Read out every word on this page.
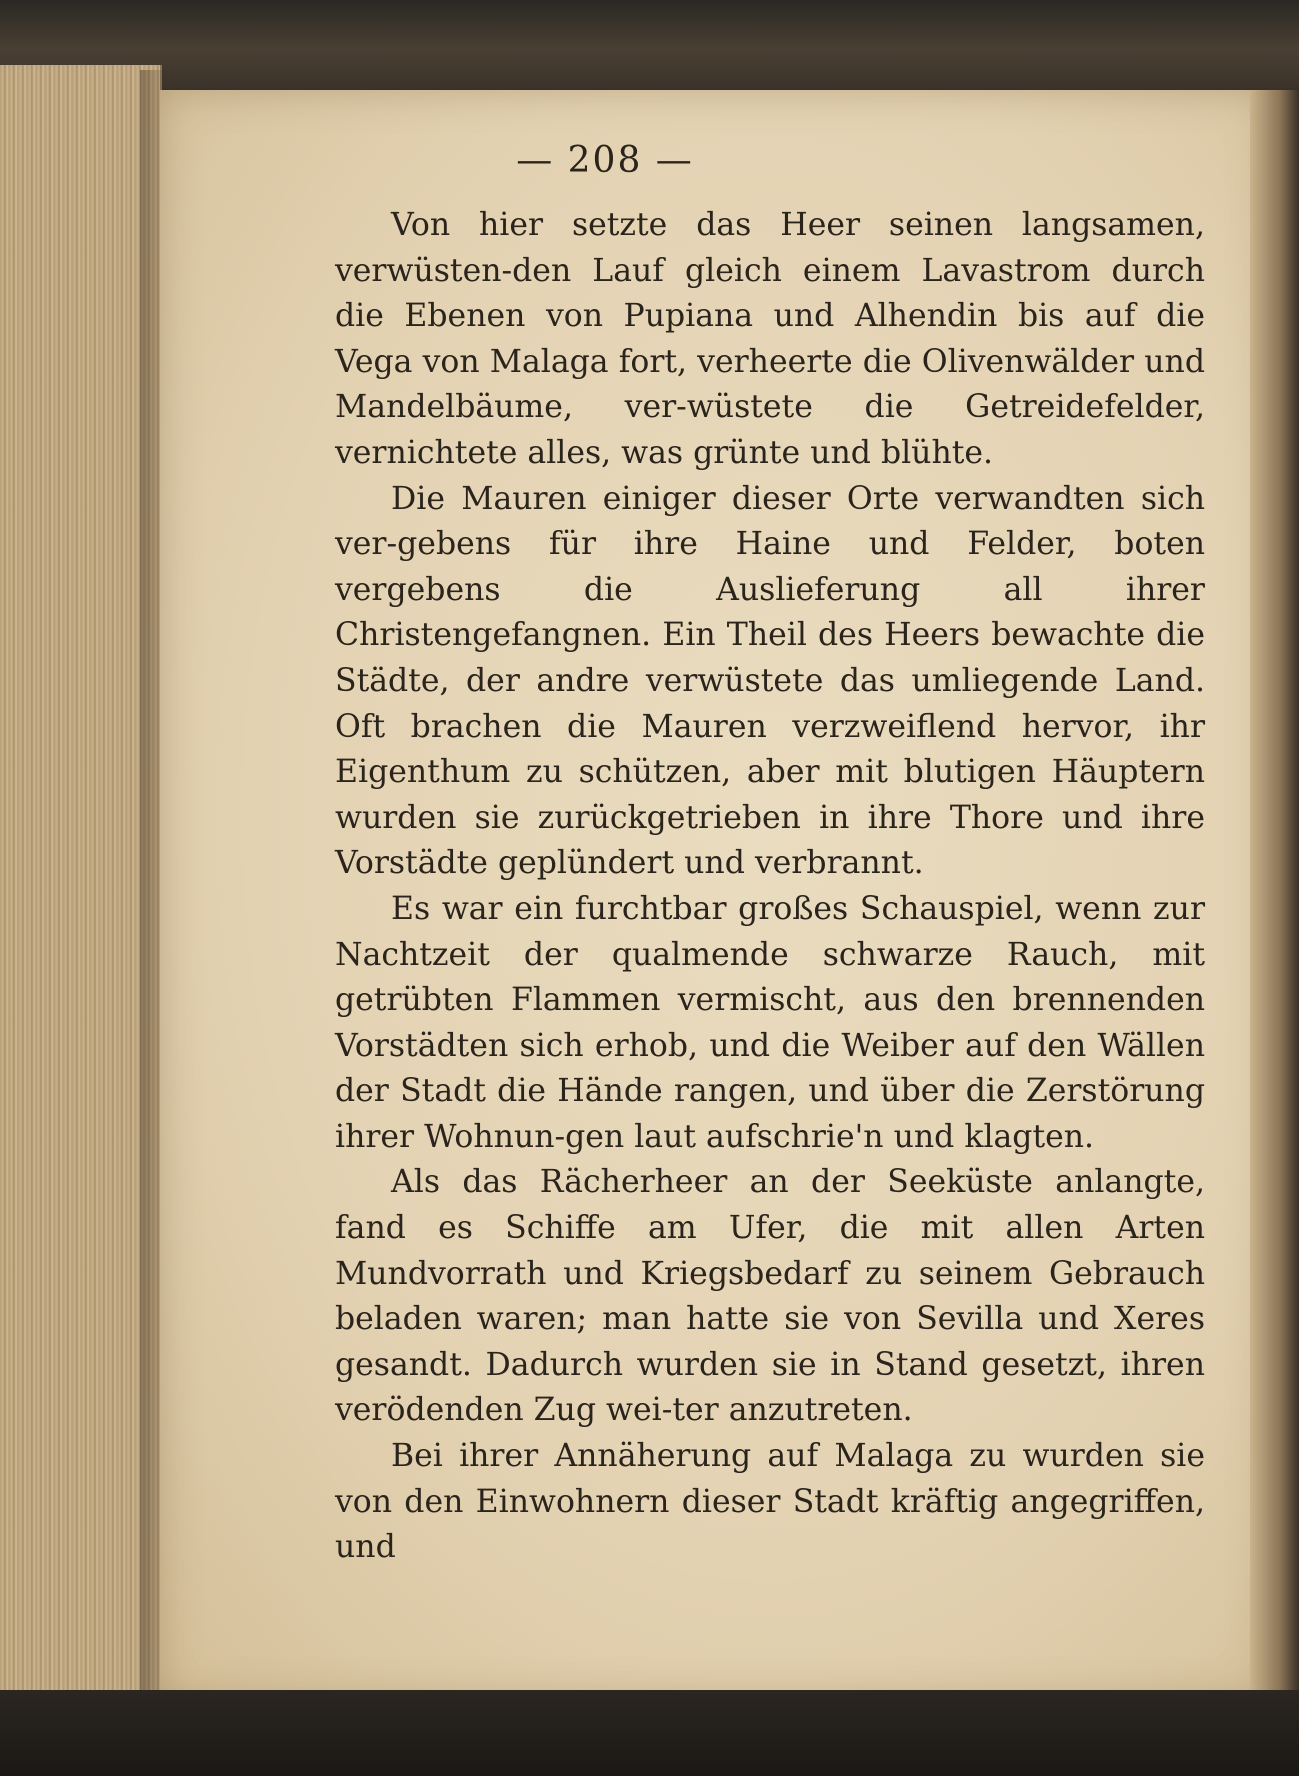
— 208 —

Von hier setzte das Heer seinen langsamen, verwüsten-den Lauf gleich einem Lavastrom durch die Ebenen von Pupiana und Alhendin bis auf die Vega von Malaga fort, verheerte die Olivenwälder und Mandelbäume, ver-wüstete die Getreidefelder, vernichtete alles, was grünte und blühte.

Die Mauren einiger dieser Orte verwandten sich ver-gebens für ihre Haine und Felder, boten vergebens die Auslieferung all ihrer Christengefangnen. Ein Theil des Heers bewachte die Städte, der andre verwüstete das umliegende Land. Oft brachen die Mauren verzweiflend hervor, ihr Eigenthum zu schützen, aber mit blutigen Häuptern wurden sie zurückgetrieben in ihre Thore und ihre Vorstädte geplündert und verbrannt.

Es war ein furchtbar großes Schauspiel, wenn zur Nachtzeit der qualmende schwarze Rauch, mit getrübten Flammen vermischt, aus den brennenden Vorstädten sich erhob, und die Weiber auf den Wällen der Stadt die Hände rangen, und über die Zerstörung ihrer Wohnun-gen laut aufschrie'n und klagten.

Als das Rächerheer an der Seeküste anlangte, fand es Schiffe am Ufer, die mit allen Arten Mundvorrath und Kriegsbedarf zu seinem Gebrauch beladen waren; man hatte sie von Sevilla und Xeres gesandt. Dadurch wurden sie in Stand gesetzt, ihren verödenden Zug wei-ter anzutreten.

Bei ihrer Annäherung auf Malaga zu wurden sie von den Einwohnern dieser Stadt kräftig angegriffen, und
